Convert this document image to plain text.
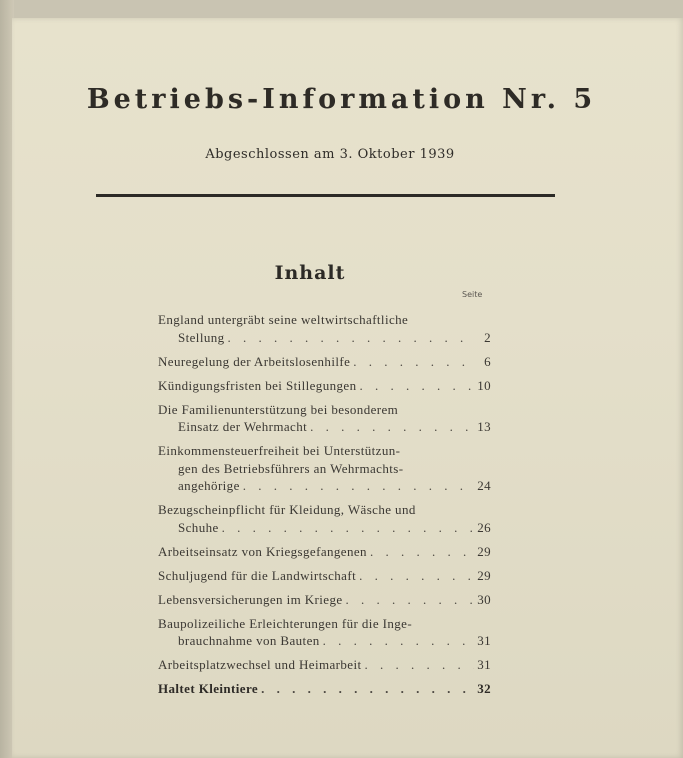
Betriebs-Information Nr. 5
Abgeschlossen am 3. Oktober 1939
Inhalt
Seite
England untergräbt seine weltwirtschaftliche
Stellung . . .	2
Neuregelung der Arbeitslosenhilfe . . .	6
Kündigungsfristen bei Stillegungen . . .	10
Die Familienunterstützung bei besonderem
Einsatz der Wehrmacht . . .	13
Einkommensteuerfreiheit bei Unterstützun-
gen des Betriebsführers an Wehrmachts-
angehörige . . .	24
Bezugscheinpflicht für Kleidung, Wäsche und
Schuhe . . .	26
Arbeitseinsatz von Kriegsgefangenen . . .	29
Schuljugend für die Landwirtschaft . . .	29
Lebensversicherungen im Kriege . . .	30
Baupolizeiliche Erleichterungen für die Inge-
brauchnahme von Bauten . . .	31
Arbeitsplatzwechsel und Heimarbeit . . .	31
Haltet Kleintiere . . .	32
